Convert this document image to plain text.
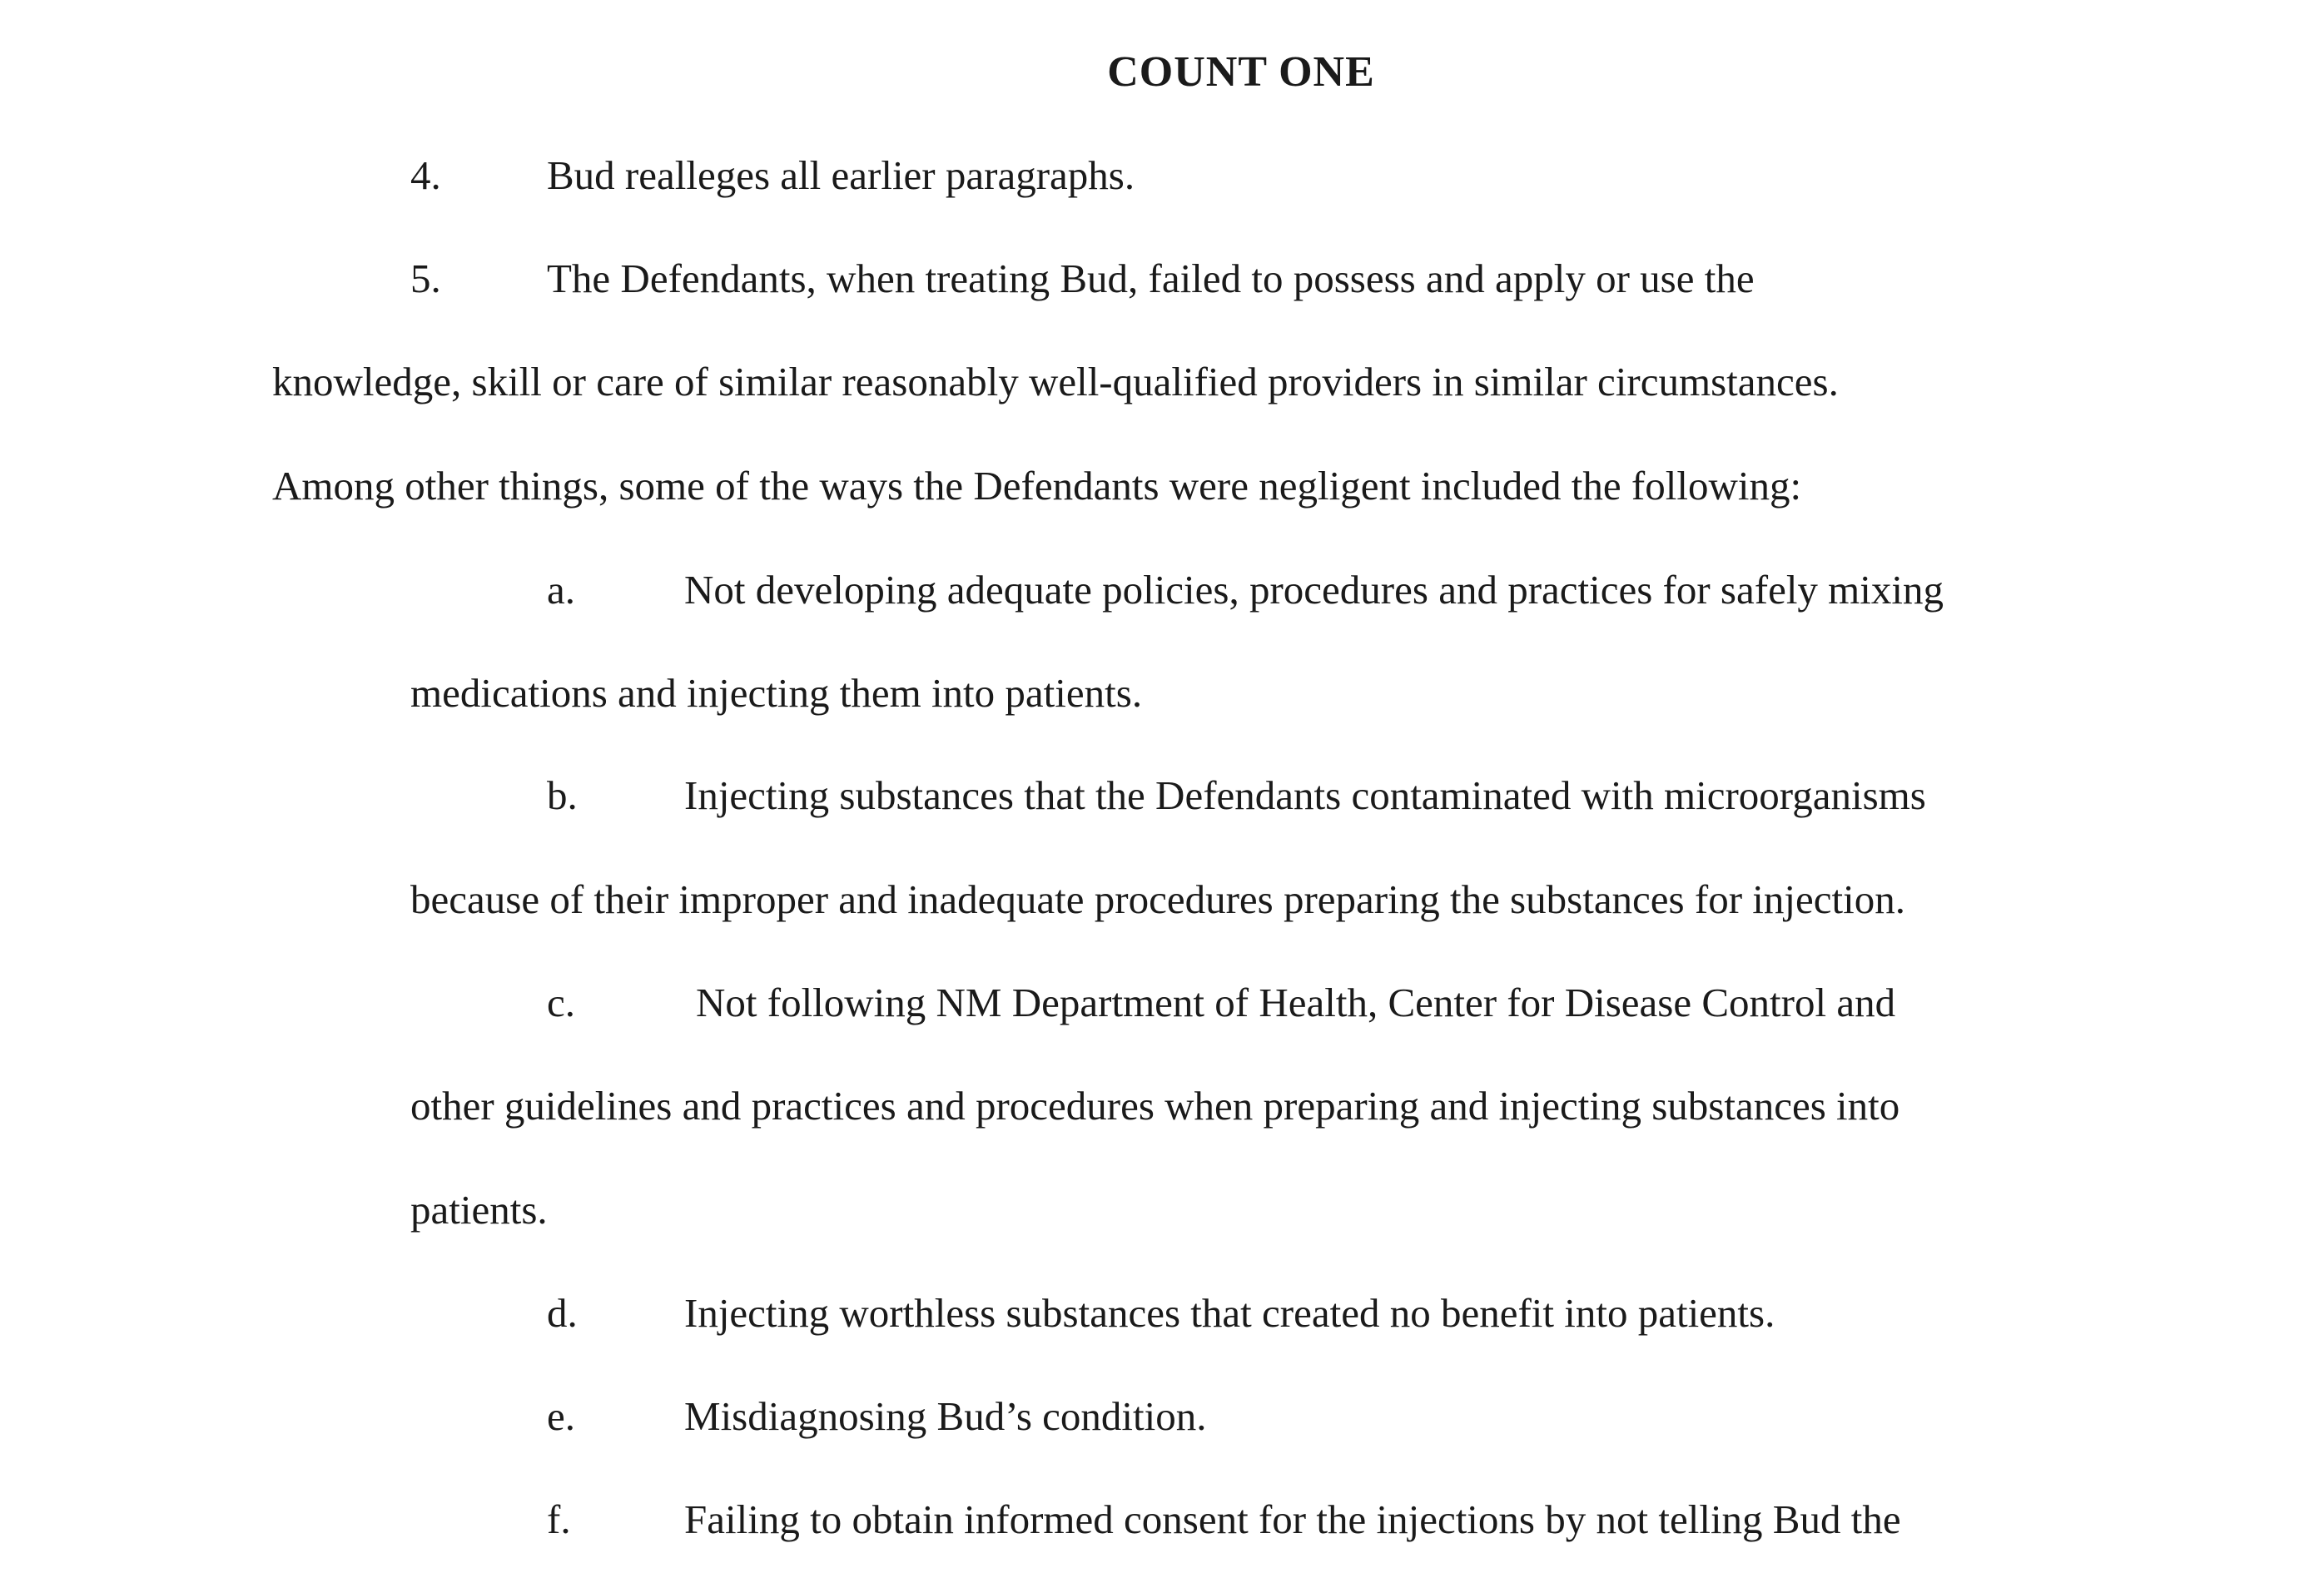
COUNT ONE
4.	Bud realleges all earlier paragraphs.
5.	The Defendants, when treating Bud, failed to possess and apply or use the
knowledge, skill or care of similar reasonably well-qualified providers in similar circumstances.
Among other things, some of the ways the Defendants were negligent included the following:
a.	Not developing adequate policies, procedures and practices for safely mixing
medications and injecting them into patients.
b.	Injecting substances that the Defendants contaminated with microorganisms
because of their improper and inadequate procedures preparing the substances for injection.
c.	Not following NM Department of Health, Center for Disease Control and
other guidelines and practices and procedures when preparing and injecting substances into
patients.
d.	Injecting worthless substances that created no benefit into patients.
e.	Misdiagnosing Bud’s condition.
f.	Failing to obtain informed consent for the injections by not telling Bud the
